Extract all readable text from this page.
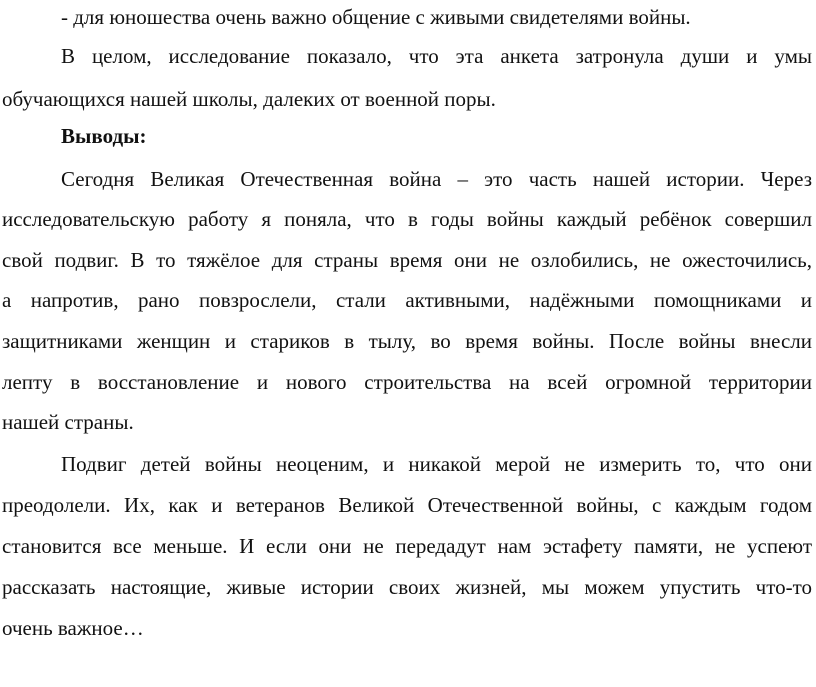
- для юношества очень важно общение с живыми свидетелями войны.
В целом, исследование показало, что эта анкета затронула души и умы
обучающихся нашей школы, далеких от военной поры.
Выводы:
Сегодня Великая Отечественная война – это часть нашей истории. Через
исследовательскую работу я поняла, что в годы войны каждый ребёнок совершил
свой подвиг. В то тяжёлое для страны время они не озлобились, не ожесточились,
а напротив, рано повзрослели, стали активными, надёжными помощниками и
защитниками женщин и стариков в тылу, во время войны. После войны внесли
лепту в восстановление и нового строительства на всей огромной территории
нашей страны.
Подвиг детей войны неоценим, и никакой мерой не измерить то, что они
преодолели. Их, как и ветеранов Великой Отечественной войны, с каждым годом
становится все меньше. И если они не передадут нам эстафету памяти, не успеют
рассказать настоящие, живые истории своих жизней, мы можем упустить что-то
очень важное…
